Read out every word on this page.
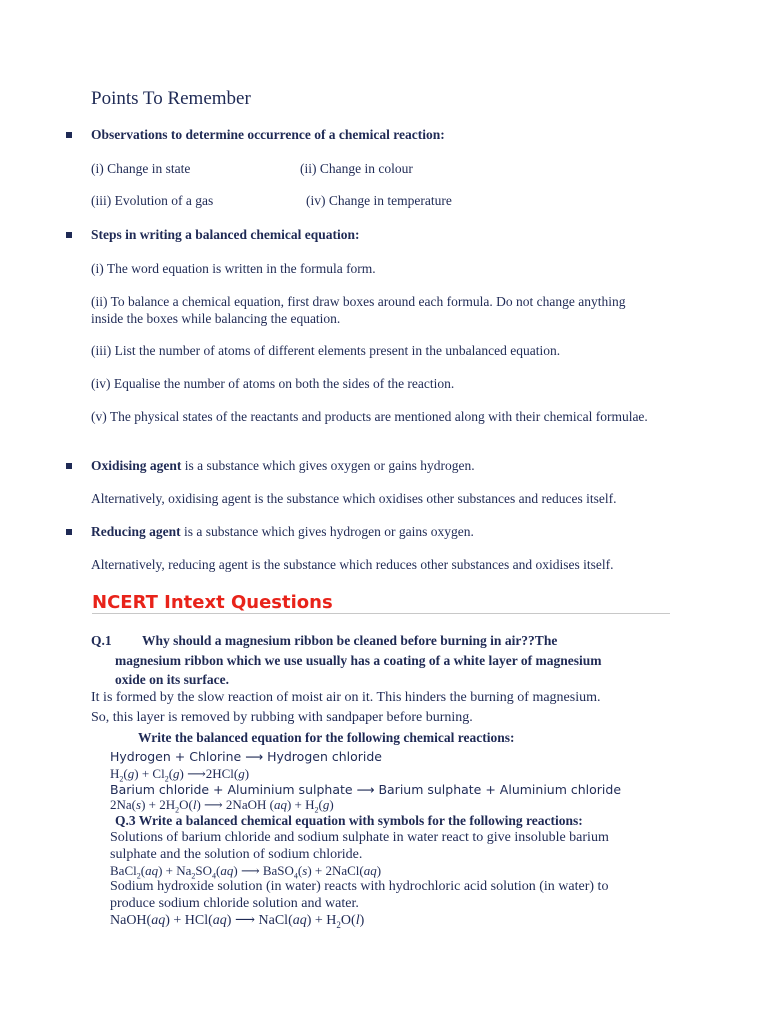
Points To Remember
Observations to determine occurrence of a chemical reaction:
(i) Change in state	(ii) Change in colour
(iii) Evolution of a gas	(iv) Change in temperature
Steps in writing a balanced chemical equation:
(i) The word equation is written in the formula form.
(ii) To balance a chemical equation, first draw boxes around each formula. Do not change anything inside the boxes while balancing the equation.
(iii) List the number of atoms of different elements present in the unbalanced equation.
(iv) Equalise the number of atoms on both the sides of the reaction.
(v) The physical states of the reactants and products are mentioned along with their chemical formulae.
Oxidising agent is a substance which gives oxygen or gains hydrogen.
Alternatively, oxidising agent is the substance which oxidises other substances and reduces itself.
Reducing agent is a substance which gives hydrogen or gains oxygen.
Alternatively, reducing agent is the substance which reduces other substances and oxidises itself.
NCERT Intext Questions
Q.1 Why should a magnesium ribbon be cleaned before burning in air??The
magnesium ribbon which we use usually has a coating of a white layer of magnesium
oxide on its surface.
It is formed by the slow reaction of moist air on it. This hinders the burning of magnesium.
So, this layer is removed by rubbing with sandpaper before burning.
Write the balanced equation for the following chemical reactions:
Hydrogen + Chlorine ⟶ Hydrogen chloride
$H_2(g) + Cl_2(g)$ ⟶2HCl(g)
Barium chloride + Aluminium sulphate ⟶ Barium sulphate + Aluminium chloride
$2Na(s) + 2H_2O(l)$ ⟶ 2NaOH $(aq) + H_2(g)$
Q.3 Write a balanced chemical equation with symbols for the following reactions:
Solutions of barium chloride and sodium sulphate in water react to give insoluble barium
sulphate and the solution of sodium chloride.
BaCl$_2$(aq) + $Na_2SO_4(aq)$ ⟶ BaSO$_4$(s) + 2NaCl(aq)
Sodium hydroxide solution (in water) reacts with hydrochloric acid solution (in water) to
produce sodium chloride solution and water.
NaOH(aq) + HCl(aq) ⟶ NaCl(aq) + $H_2O(l)$
